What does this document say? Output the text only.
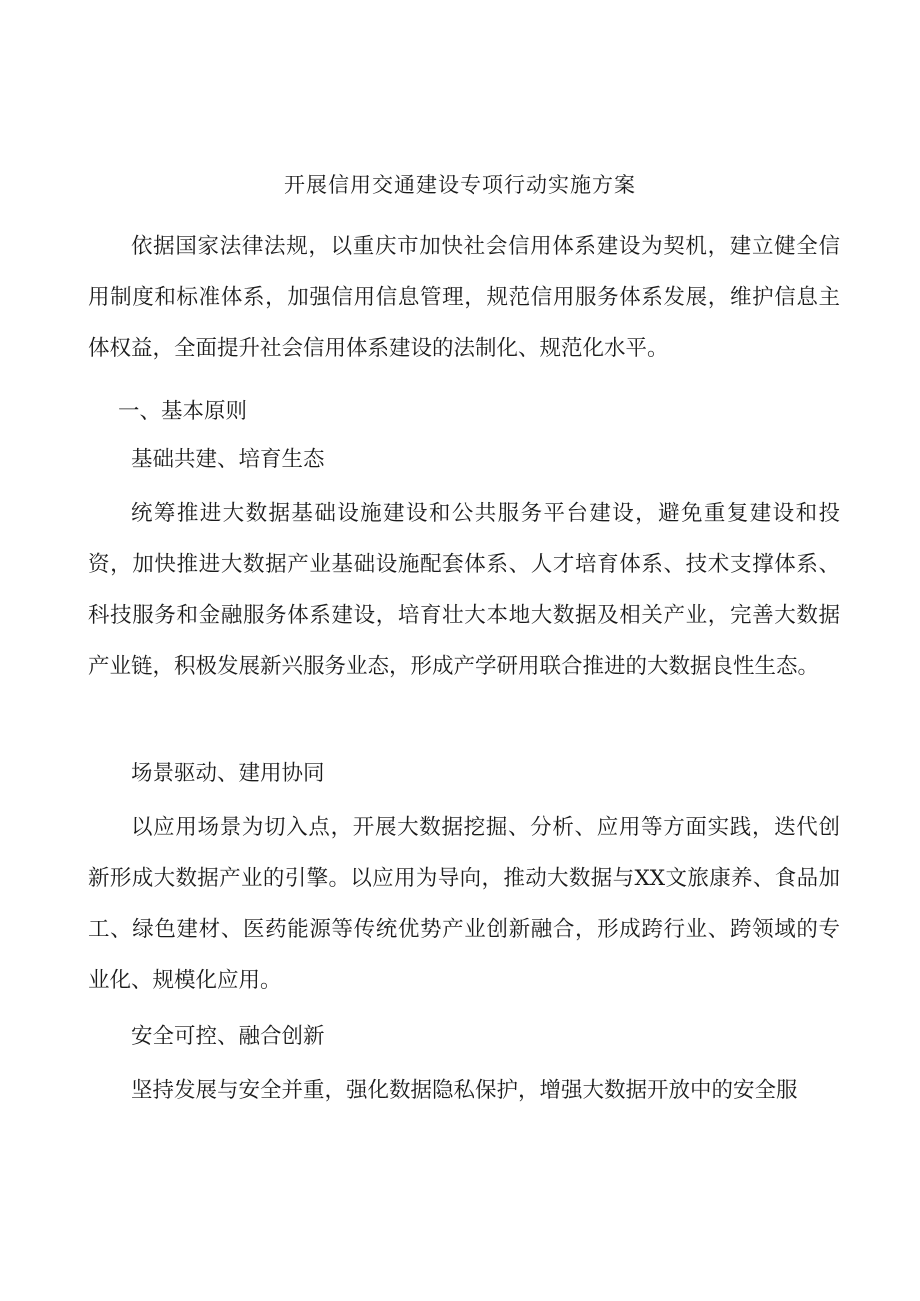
开展信用交通建设专项行动实施方案

依据国家法律法规，以重庆市加快社会信用体系建设为契机，建立健全信用制度和标准体系，加强信用信息管理，规范信用服务体系发展，维护信息主体权益，全面提升社会信用体系建设的法制化、规范化水平。

一、基本原则
基础共建、培育生态

统筹推进大数据基础设施建设和公共服务平台建设，避免重复建设和投资，加快推进大数据产业基础设施配套体系、人才培育体系、技术支撑体系、科技服务和金融服务体系建设，培育壮大本地大数据及相关产业，完善大数据产业链，积极发展新兴服务业态，形成产学研用联合推进的大数据良性生态。

场景驱动、建用协同

以应用场景为切入点，开展大数据挖掘、分析、应用等方面实践，迭代创新形成大数据产业的引擎。以应用为导向，推动大数据与XX文旅康养、食品加工、绿色建材、医药能源等传统优势产业创新融合，形成跨行业、跨领域的专业化、规模化应用。

安全可控、融合创新

坚持发展与安全并重，强化数据隐私保护，增强大数据开放中的安全服
